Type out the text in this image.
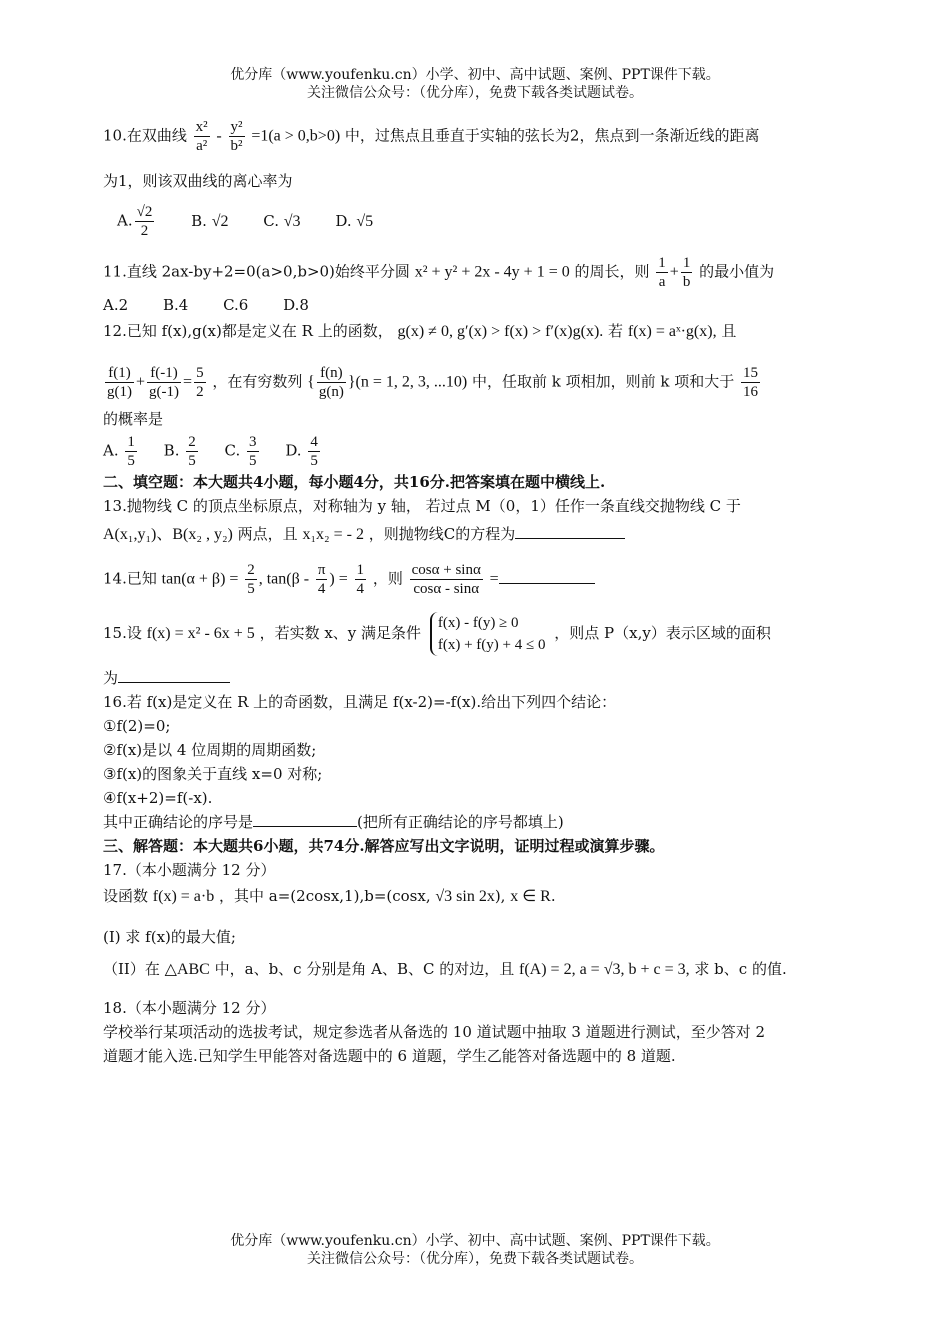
优分库（www.youfenku.cn）小学、初中、高中试题、案例、PPT课件下载。
关注微信公众号：（优分库），免费下载各类试题试卷。
10.在双曲线 $\frac{\text{x²}}{\text{a²}} - \frac{\text{y²}}{\text{b²}} =1(a > 0,b>0)$ 中，过焦点且垂直于实轴的弦长为2，焦点到一条渐近线的距离
为1，则该双曲线的离心率为
A. $\frac{√2}{2} B$. √2 C. √3 D. √5
11.直线 2ax-by+2=0(a>0,b>0)始终平分圆 x² + y² + 2x - 4y + 1 = 0 的周长，则 $\frac{1}{a} + \frac{1}{b}$ 的最小值为
A.2 B.4 C.6 D.8
12.已知 f(x),g(x)都是定义在 R 上的函数， g(x) ≠ 0, g′(x) > f(x) > f′(x)g(x). 若 f(x) = aˣ·g(x), 且
$\frac{f(1)}{g(1)} + \frac{f(-1)}{g(-1)} = \frac{5}{2}$ ，在有穷数列 { $\frac{f(n)}{g(n)} \}(n = 1$, 2, 3, ...10) 中，任取前 k 项相加，则前 k 项和大于 $\frac{15}{16}$
的概率是
A. $\frac{1}{5} B$. $\frac{2}{5} C$. $\frac{3}{5} D$. $\frac{4}{5}$
二、填空题：本大题共4小题，每小题4分，共16分.把答案填在题中横线上.
13.抛物线 C 的顶点坐标原点，对称轴为 y 轴， 若过点 M（0，1）任作一条直线交抛物线 C 于
A(x₁,y₁)、B(x₂ , y₂) 两点，且 x₁x₂ = - 2 ，则抛物线C的方程为
14.已知 $\tan(\alpha + \beta) = \frac{2}{5}$ , $\tan(\beta - \frac{\pi}{4}$ ) = $\frac{1}{4}$ ，则 $\frac{\cos\alpha + \sin\alpha}{\cos\alpha - \sin\alpha}$ =
15.设 f(x) = x² - 6x + 5 ，若实数 x、y 满足条件
f(x) - f(y) ≥ 0
f(x) + f(y) + 4 ≤ 0
，则点 P（x,y）表示区域的面积
为
16.若 f(x)是定义在 R 上的奇函数，且满足 f(x-2)=-f(x).给出下列四个结论：
①f(2)=0;
②f(x)是以 4 位周期的周期函数;
③f(x)的图象关于直线 x=0 对称;
④f(x+2)=f(-x).
其中正确结论的序号是	(把所有正确结论的序号都填上)
三、解答题：本大题共6小题，共74分.解答应写出文字说明，证明过程或演算步骤。
17.（本小题满分 12 分）
设函数 f(x) = a·b ，其中 a=(2cosx,1),b=(cosx, √3 sin 2x), x ∈ R.
(I) 求 f(x)的最大值;
（II）在 △ABC 中，a、b、c 分别是角 A、B、C 的对边，且 f(A) = 2, a = √3, b + c = 3, 求 b、c 的值.
18.（本小题满分 12 分）
学校举行某项活动的选拔考试，规定参选者从备选的 10 道试题中抽取 3 道题进行测试，至少答对 2
道题才能入选.已知学生甲能答对备选题中的 6 道题，学生乙能答对备选题中的 8 道题.
优分库（www.youfenku.cn）小学、初中、高中试题、案例、PPT课件下载。
关注微信公众号：（优分库），免费下载各类试题试卷。
